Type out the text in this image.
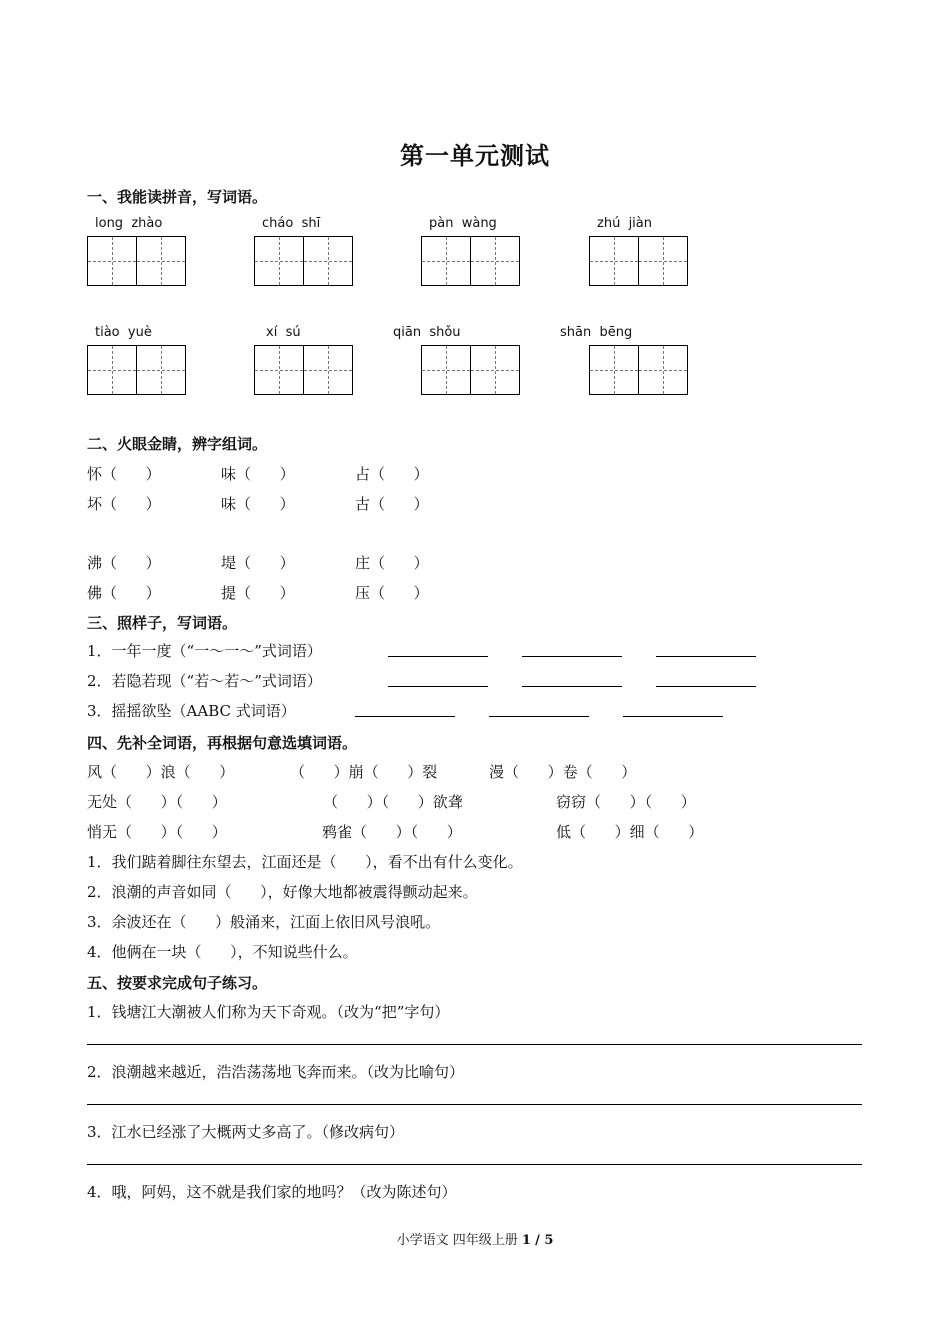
第一单元测试
一、我能读拼音，写词语。
long  zhào	cháo  shī	pàn  wàng	zhú  jiàn
tiào  yuè	xí  sú	qiān  shǒu	shān  bēng
二、火眼金睛，辨字组词。
怀（      ）	味（      ）	占（      ）
坏（      ）	味（      ）	古（      ）
沸（      ）	堤（      ）	庄（      ）
佛（      ）	提（      ）	压（      ）
三、照样子，写词语。
1．一年一度（“一～一～”式词语）
2．若隐若现（“若～若～”式词语）
3．摇摇欲坠（AABC 式词语）
四、先补全词语，再根据句意选填词语。
风（      ）浪（      ）	（      ）崩（      ）裂	漫（      ）卷（      ）
无处（      ）（      ）	（      ）（      ）欲聋	窃窃（      ）（      ）
悄无（      ）（      ）	鸦雀（      ）（      ）	低（      ）细（      ）
1．我们踮着脚往东望去，江面还是（      ），看不出有什么变化。
2．浪潮的声音如同（      ），好像大地都被震得颤动起来。
3．余波还在（      ）般涌来，江面上依旧风号浪吼。
4．他俩在一块（      ），不知说些什么。
五、按要求完成句子练习。
1．钱塘江大潮被人们称为天下奇观。（改为“把”字句）
2．浪潮越来越近，浩浩荡荡地飞奔而来。（改为比喻句）
3．江水已经涨了大概两丈多高了。（修改病句）
4．哦，阿妈，这不就是我们家的地吗？（改为陈述句）
小学语文 四年级上册 1 / 5
